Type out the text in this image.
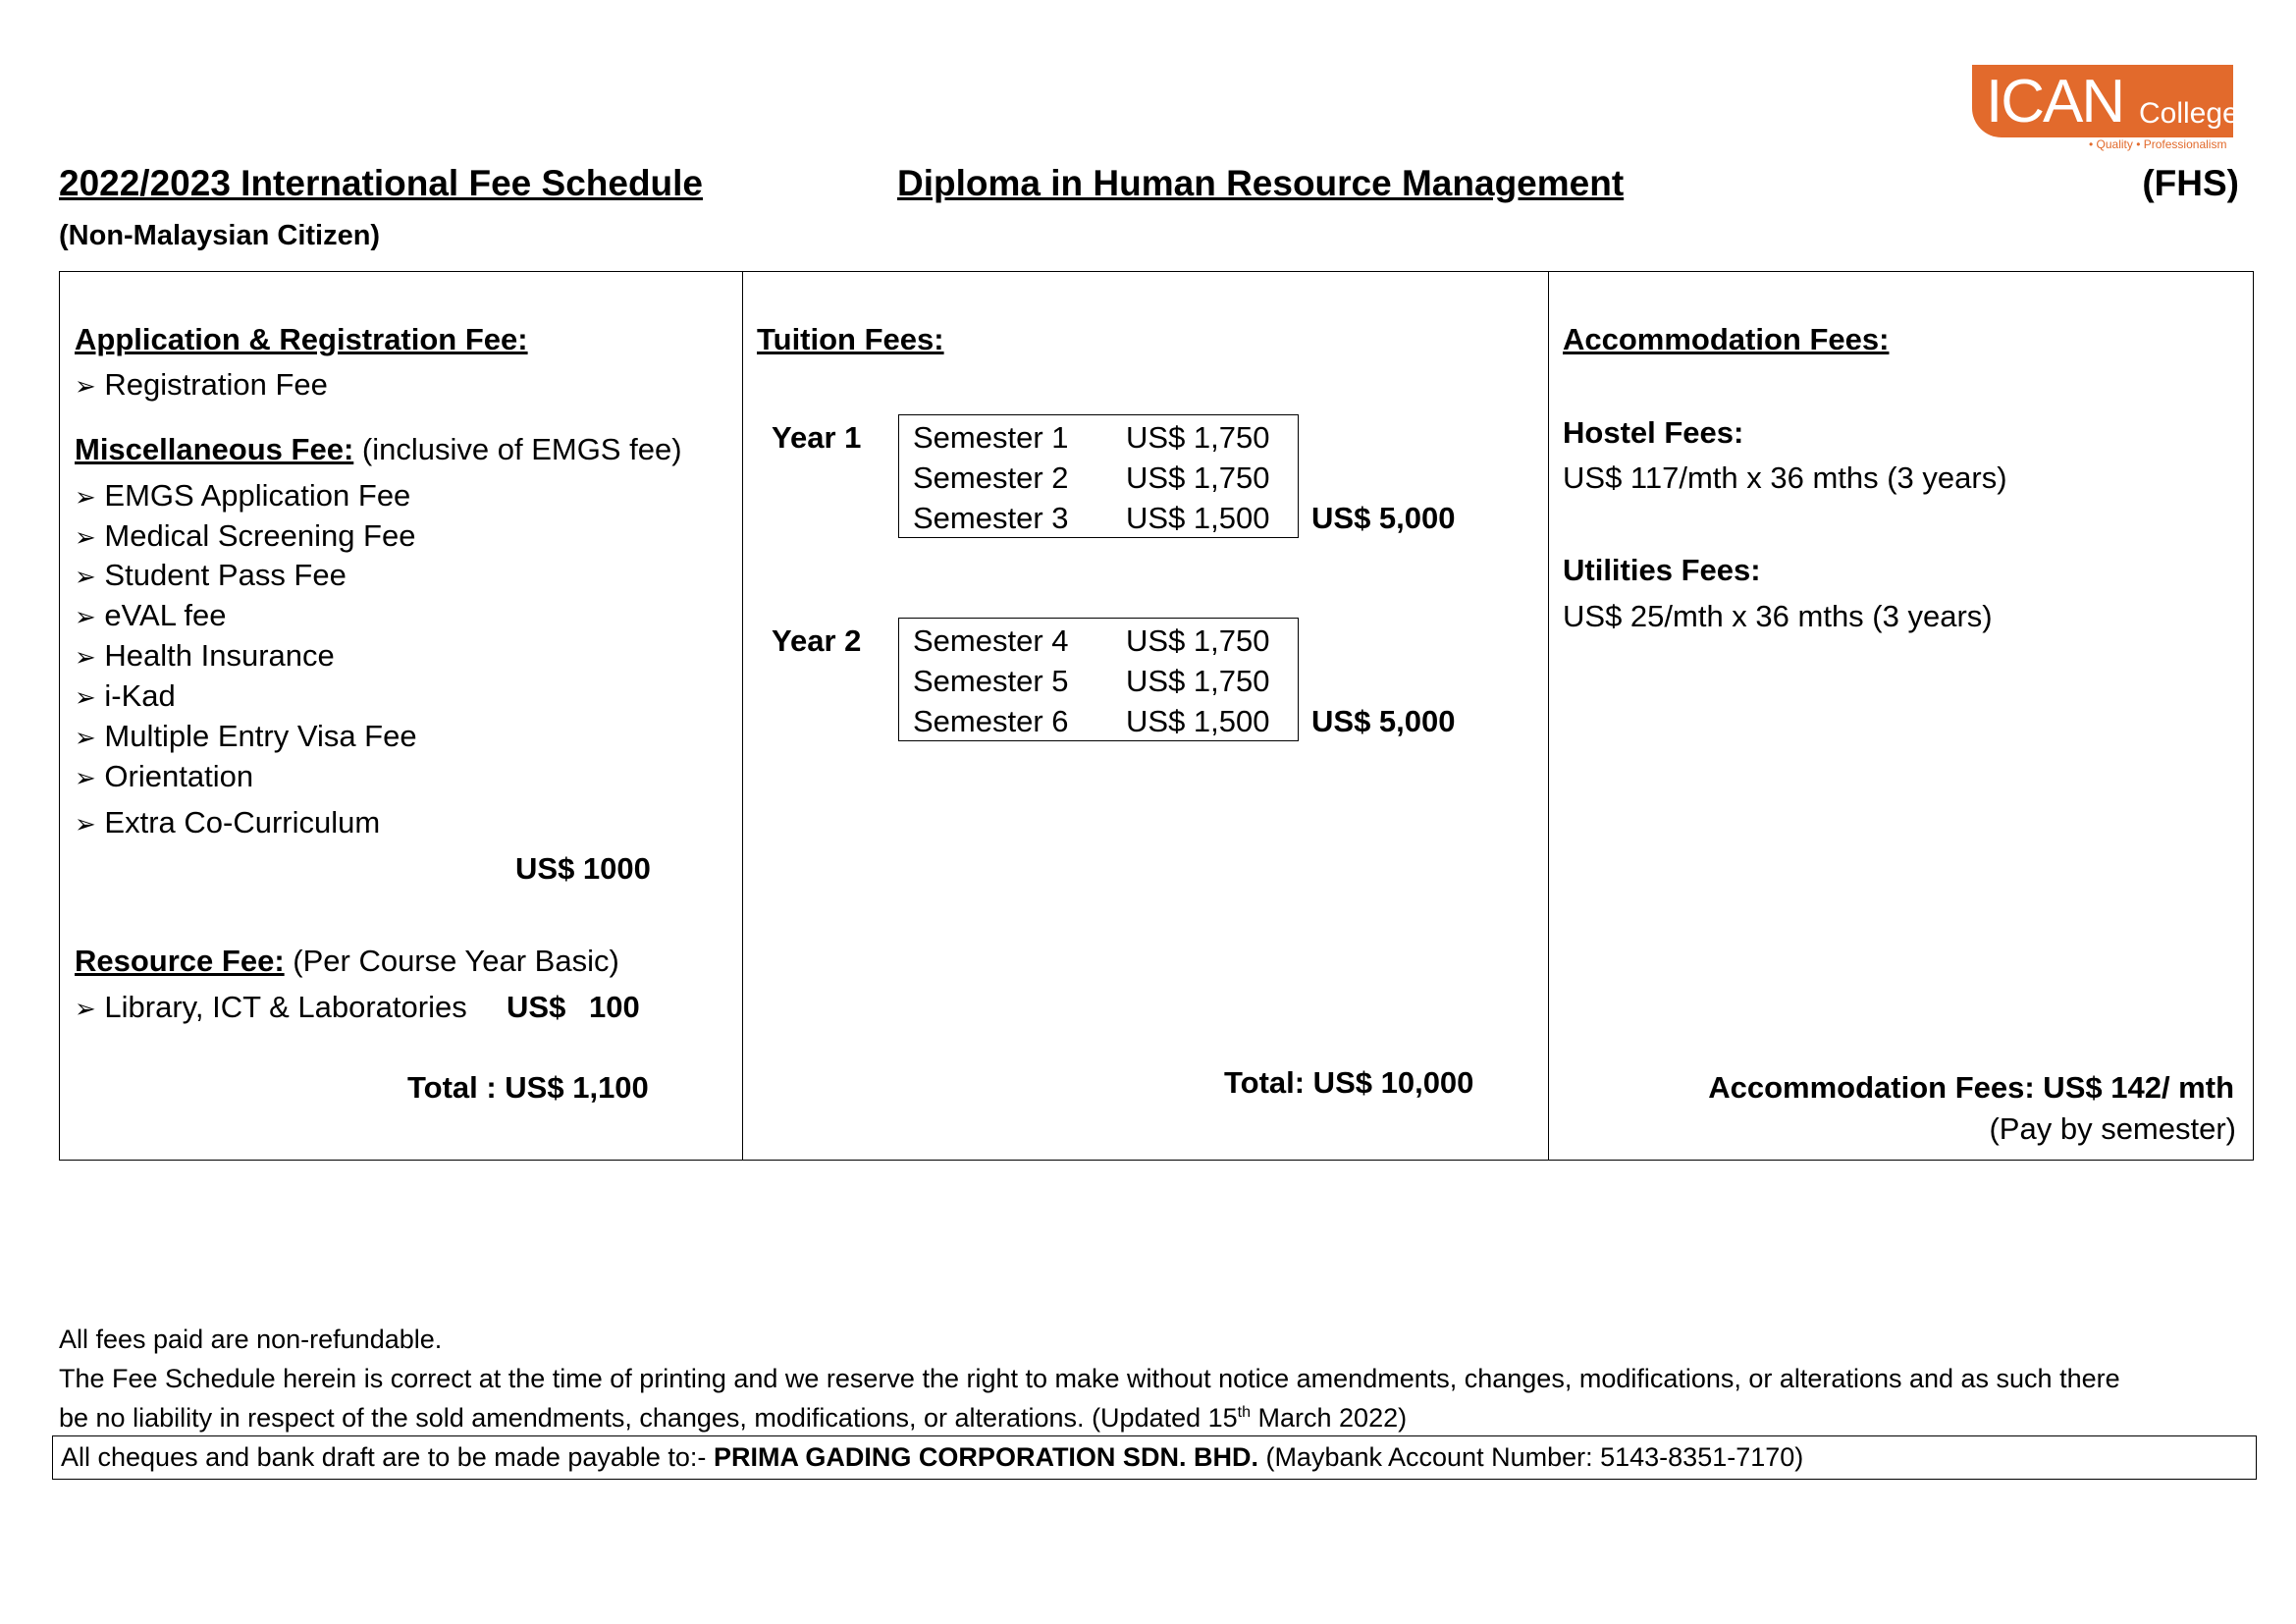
ICAN College
• Quality • Professionalism
2022/2023 International Fee Schedule	Diploma in Human Resource Management	(FHS)
(Non-Malaysian Citizen)
Application & Registration Fee:
➢ Registration Fee
Miscellaneous Fee: (inclusive of EMGS fee)
➢ EMGS Application Fee
➢ Medical Screening Fee
➢ Student Pass Fee
➢ eVAL fee
➢ Health Insurance
➢ i-Kad
➢ Multiple Entry Visa Fee
➢ Orientation
➢ Extra Co-Curriculum
US$ 1000
Resource Fee: (Per Course Year Basic)
➢ Library, ICT & Laboratories US$ 100
Total : US$ 1,100
Tuition Fees:
Year 1 Semester 1 US$ 1,750
Semester 2 US$ 1,750
Semester 3 US$ 1,500 US$ 5,000
Year 2 Semester 4 US$ 1,750
Semester 5 US$ 1,750
Semester 6 US$ 1,500 US$ 5,000
Total: US$ 10,000
Accommodation Fees:
Hostel Fees:
US$ 117/mth x 36 mths (3 years)
Utilities Fees:
US$ 25/mth x 36 mths (3 years)
Accommodation Fees: US$ 142/ mth
(Pay by semester)
All fees paid are non-refundable.
The Fee Schedule herein is correct at the time of printing and we reserve the right to make without notice amendments, changes, modifications, or alterations and as such there
be no liability in respect of the sold amendments, changes, modifications, or alterations. (Updated 15th March 2022)
All cheques and bank draft are to be made payable to:- PRIMA GADING CORPORATION SDN. BHD. (Maybank Account Number: 5143-8351-7170)
